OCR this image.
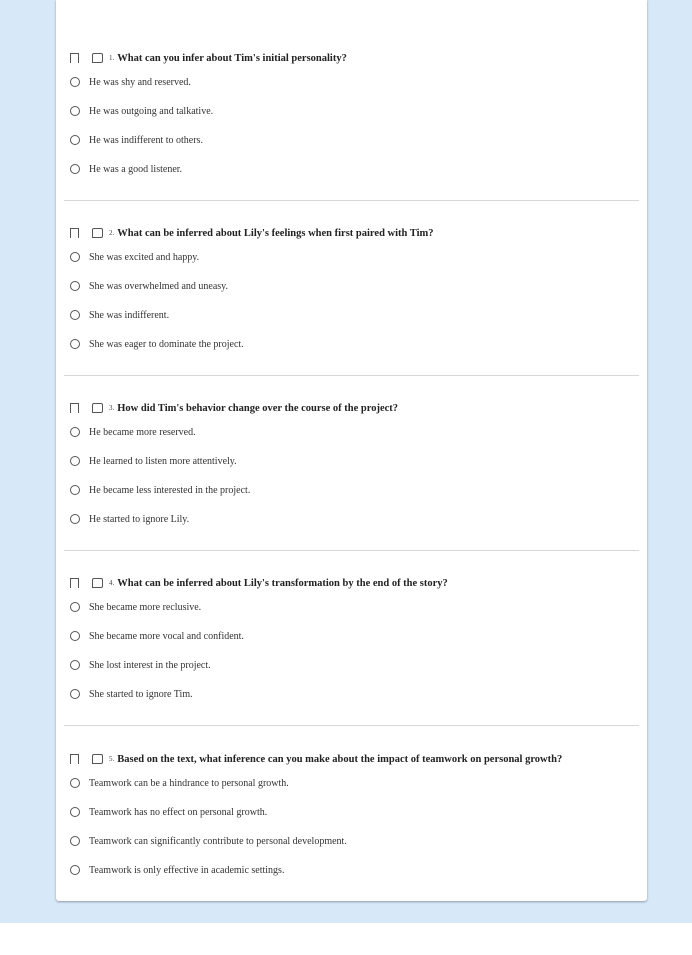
1. What can you infer about Tim's initial personality?
He was shy and reserved.
He was outgoing and talkative.
He was indifferent to others.
He was a good listener.
2. What can be inferred about Lily's feelings when first paired with Tim?
She was excited and happy.
She was overwhelmed and uneasy.
She was indifferent.
She was eager to dominate the project.
3. How did Tim's behavior change over the course of the project?
He became more reserved.
He learned to listen more attentively.
He became less interested in the project.
He started to ignore Lily.
4. What can be inferred about Lily's transformation by the end of the story?
She became more reclusive.
She became more vocal and confident.
She lost interest in the project.
She started to ignore Tim.
5. Based on the text, what inference can you make about the impact of teamwork on personal growth?
Teamwork can be a hindrance to personal growth.
Teamwork has no effect on personal growth.
Teamwork can significantly contribute to personal development.
Teamwork is only effective in academic settings.
